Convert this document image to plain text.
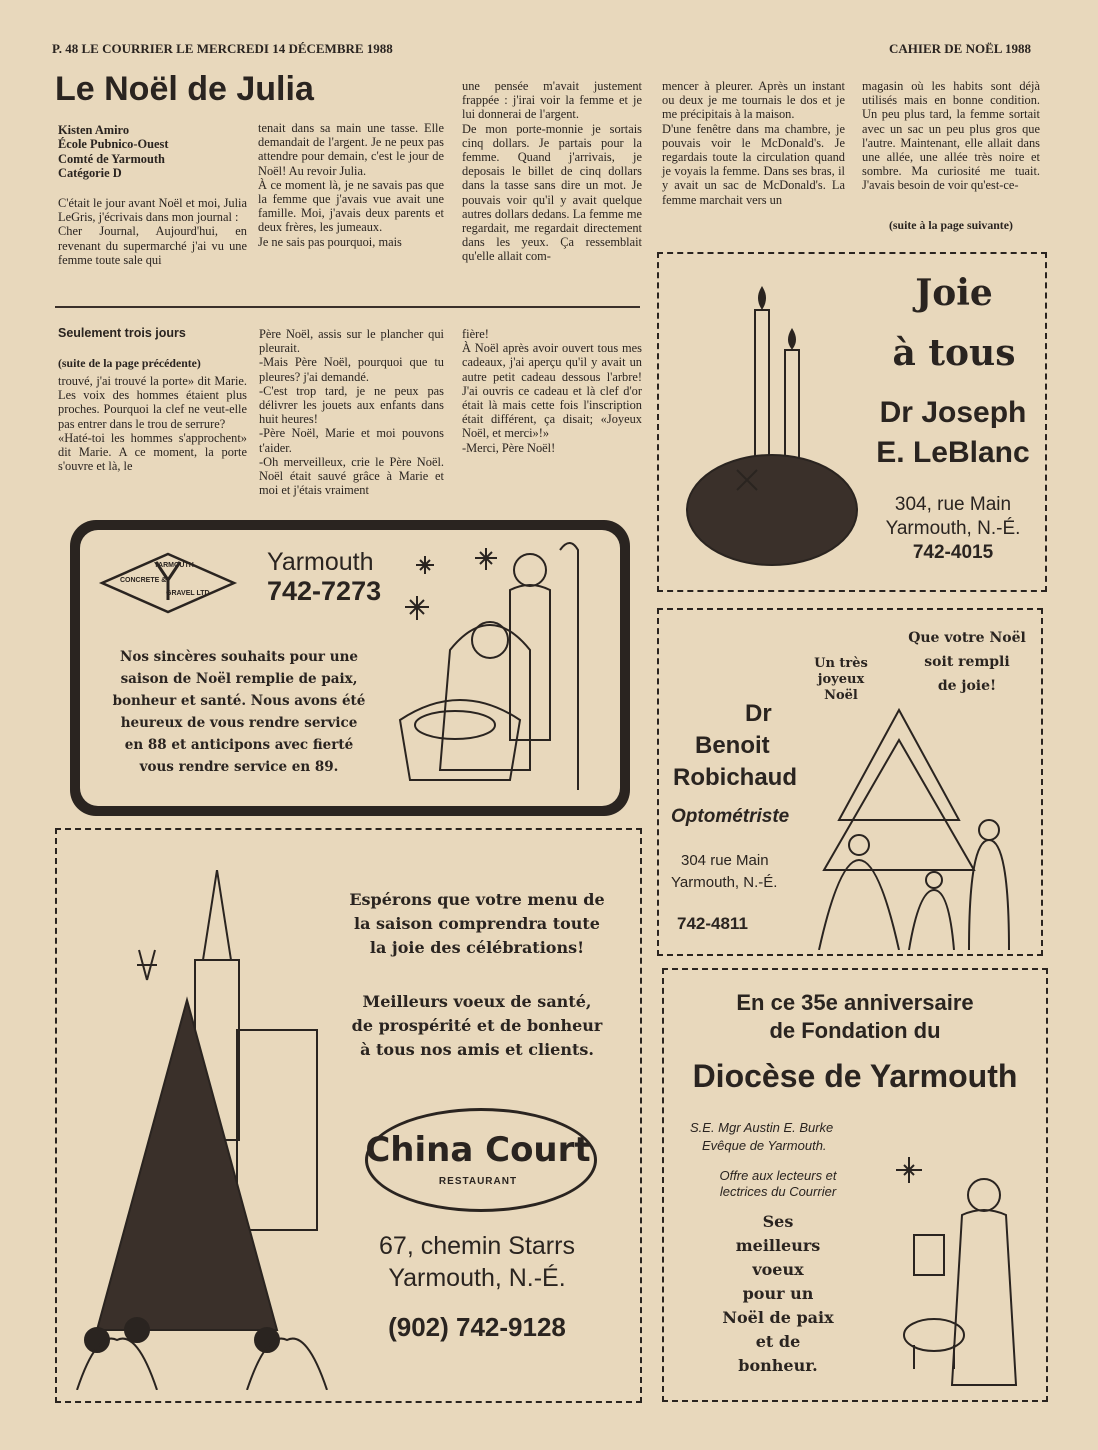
P. 48 LE COURRIER LE MERCREDI 14 DÉCEMBRE 1988	CAHIER DE NOËL 1988
Le Noël de Julia
Kisten Amiro
École Pubnico-Ouest
Comté de Yarmouth
Catégorie D

C'était le jour avant Noël et moi, Julia LeGris, j'écrivais dans mon journal :
Cher Journal, Aujourd'hui, en revenant du supermarché j'ai vu une femme toute sale qui

tenait dans sa main une tasse. Elle demandait de l'argent. Je ne peux pas attendre pour demain, c'est le jour de Noël! Au revoir Julia.
À ce moment là, je ne savais pas que la femme que j'avais vue avait une famille. Moi, j'avais deux parents et deux frères, les jumeaux.
Je ne sais pas pourquoi, mais

une pensée m'avait justement frappée : j'irai voir la femme et je lui donnerai de l'argent.
De mon porte-monnie je sortais cinq dollars. Je partais pour la femme. Quand j'arrivais, je deposais le billet de cinq dollars dans la tasse sans dire un mot. Je pouvais voir qu'il y avait quelque autres dollars dedans. La femme me regardait, me regardait directement dans les yeux. Ça ressemblait qu'elle allait com-

mencer à pleurer. Après un instant ou deux je me tournais le dos et je me précipitais à la maison.
D'une fenêtre dans ma chambre, je pouvais voir le McDonald's. Je regardais toute la circulation quand je voyais la femme. Dans ses bras, il y avait un sac de McDonald's. La femme marchait vers un

magasin où les habits sont déjà utilisés mais en bonne condition. Un peu plus tard, la femme sortait avec un sac un peu plus gros que l'autre. Maintenant, elle allait dans une allée, une allée très noire et sombre. Ma curiosité me tuait. J'avais besoin de voir qu'est-ce-

(suite à la page suivante)
Seulement trois jours
(suite de la page précédente)

trouvé, j'ai trouvé la porte» dit Marie. Les voix des hommes étaient plus proches. Pourquoi la clef ne veut-elle pas entrer dans le trou de serrure?
«Haté-toi les hommes s'approchent» dit Marie. A ce moment, la porte s'ouvre et là, le

Père Noël, assis sur le plancher qui pleurait.
-Mais Père Noël, pourquoi que tu pleures? j'ai demandé.
-C'est trop tard, je ne peux pas délivrer les jouets aux enfants dans huit heures!
-Père Noël, Marie et moi pouvons t'aider.
-Oh merveilleux, crie le Père Noël. Noël était sauvé grâce à Marie et moi et j'étais vraiment

fière!
À Noël après avoir ouvert tous mes cadeaux, j'ai aperçu qu'il y avait un autre petit cadeau dessous l'arbre! J'ai ouvris ce cadeau et là clef d'or était là mais cette fois l'inscription était différent, ça disait; «Joyeux Noël, et merci»!»
-Merci, Père Noël!

YARMOUTH
CONCRETE &
GRAVEL LTD
Yarmouth
742-7273
Nos sincères souhaits pour une
saison de Noël remplie de paix,
bonheur et santé. Nous avons été
heureux de vous rendre service
en 88 et anticipons avec fierté
vous rendre service en 89.
Joie
à tous
Dr Joseph
E. LeBlanc
304, rue Main
Yarmouth, N.-É.
742-4015
Un très
joyeux
Noël
Que votre Noël
soit rempli
de joie!
Dr
Benoit
Robichaud
Optométriste
304 rue Main
Yarmouth, N.-É.
742-4811
Espérons que votre menu de
la saison comprendra toute
la joie des célébrations!
Meilleurs voeux de santé,
de prospérité et de bonheur
à tous nos amis et clients.
China Court
RESTAURANT
67, chemin Starrs
Yarmouth, N.-É.
(902) 742-9128
En ce 35e anniversaire
de Fondation du
Diocèse de Yarmouth
S.E. Mgr Austin E. Burke
Evêque de Yarmouth.
Offre aux lecteurs et
lectrices du Courrier
Ses
meilleurs
voeux
pour un
Noël de paix
et de
bonheur.
